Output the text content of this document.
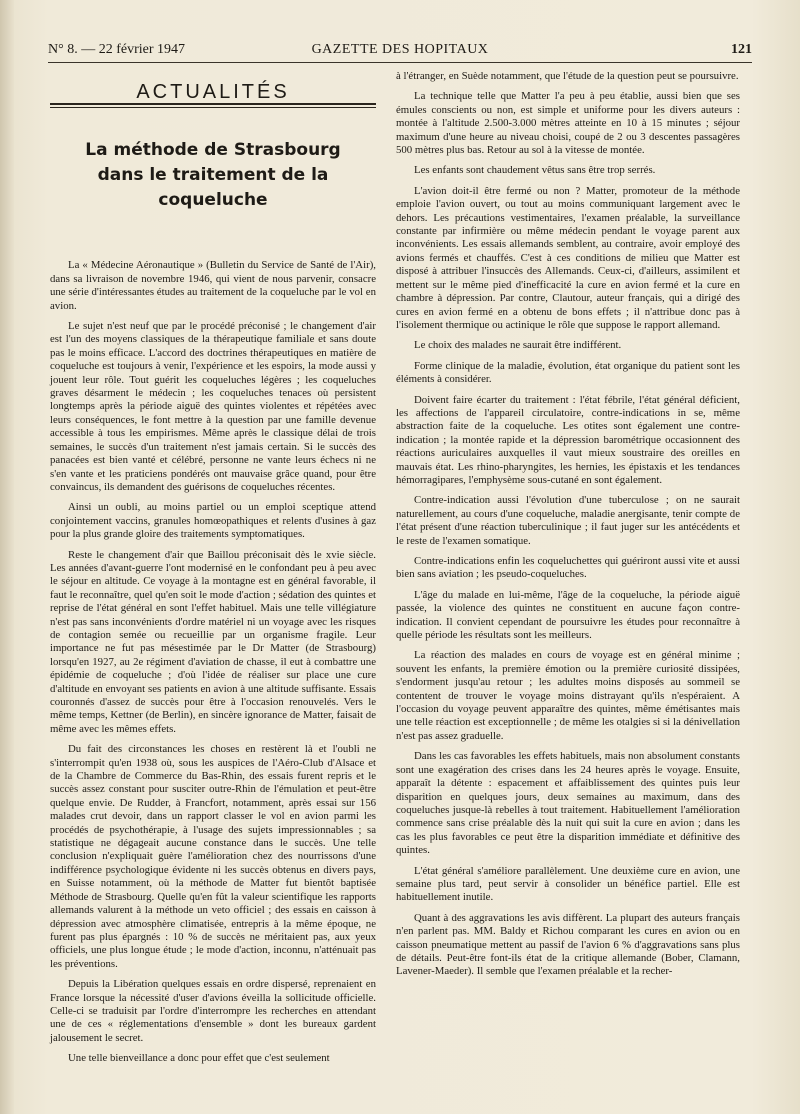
N° 8. — 22 février 1947	GAZETTE DES HOPITAUX	121
ACTUALITÉS
La méthode de Strasbourg
dans le traitement de la coqueluche

La « Médecine Aéronautique » (Bulletin du Service de Santé de l'Air), dans sa livraison de novembre 1946, qui vient de nous parvenir, consacre une série d'intéressantes études au traitement de la coqueluche par le vol en avion.

Le sujet n'est neuf que par le procédé préconisé ; le changement d'air est l'un des moyens classiques de la thérapeutique familiale et sans doute pas le moins efficace. L'accord des doctrines thérapeutiques en matière de coqueluche est toujours à venir, l'expérience et les espoirs, la mode aussi y jouent leur rôle. Tout guérit les coqueluches légères ; les coqueluches graves désarment le médecin ; les coqueluches tenaces où persistent longtemps après la période aiguë des quintes violentes et répétées avec leurs conséquences, le font mettre à la question par une famille devenue accessible à tous les empirismes. Même après le classique délai de trois semaines, le succès d'un traitement n'est jamais certain. Si le succès des panacées est bien vanté et célébré, personne ne vante leurs échecs ni ne s'en vante et les praticiens pondérés ont mauvaise grâce quand, pour être convaincus, ils demandent des guérisons de coqueluches récentes.

Ainsi un oubli, au moins partiel ou un emploi sceptique attend conjointement vaccins, granules homœopathiques et relents d'usines à gaz pour la plus grande gloire des traitements symptomatiques.

Reste le changement d'air que Baillou préconisait dès le xvie siècle. Les années d'avant-guerre l'ont modernisé en le confondant peu à peu avec le séjour en altitude. Ce voyage à la montagne est en général favorable, il faut le reconnaître, quel qu'en soit le mode d'action ; sédation des quintes et reprise de l'état général en sont l'effet habituel. Mais une telle villégiature n'est pas sans inconvénients d'ordre matériel ni un voyage avec les risques de contagion semée ou recueillie par un organisme fragile. Leur importance ne fut pas mésestimée par le Dr Matter (de Strasbourg) lorsqu'en 1927, au 2e régiment d'aviation de chasse, il eut à combattre une épidémie de coqueluche ; d'où l'idée de réaliser sur place une cure d'altitude en envoyant ses patients en avion à une altitude suffisante. Essais couronnés d'assez de succès pour être à l'occasion renouvelés. Vers le même temps, Kettner (de Berlin), en sincère ignorance de Matter, faisait de même avec les mêmes effets.

Du fait des circonstances les choses en restèrent là et l'oubli ne s'interrompit qu'en 1938 où, sous les auspices de l'Aéro-Club d'Alsace et de la Chambre de Commerce du Bas-Rhin, des essais furent repris et le succès assez constant pour susciter outre-Rhin de l'émulation et peut-être quelque envie. De Rudder, à Francfort, notamment, après essai sur 156 malades crut devoir, dans un rapport classer le vol en avion parmi les procédés de psychothérapie, à l'usage des sujets impressionnables ; sa statistique ne dégageait aucune constance dans le succès. Une telle conclusion n'expliquait guère l'amélioration chez des nourrissons d'une indifférence psychologique évidente ni les succès obtenus en divers pays, en Suisse notamment, où la méthode de Matter fut bientôt baptisée Méthode de Strasbourg. Quelle qu'en fût la valeur scientifique les rapports allemands valurent à la méthode un veto officiel ; des essais en caisson à dépression avec atmosphère climatisée, entrepris à la même époque, ne furent pas plus épargnés : 10 % de succès ne méritaient pas, aux yeux officiels, une plus longue étude ; le mode d'action, inconnu, n'atténuait pas les préventions.

Depuis la Libération quelques essais en ordre dispersé, reprenaient en France lorsque la nécessité d'user d'avions éveilla la sollicitude officielle. Celle-ci se traduisit par l'ordre d'interrompre les recherches en attendant une de ces « réglementations d'ensemble » dont les bureaux gardent jalousement le secret.

Une telle bienveillance a donc pour effet que c'est seulement

à l'étranger, en Suède notamment, que l'étude de la question peut se poursuivre.

La technique telle que Matter l'a peu à peu établie, aussi bien que ses émules conscients ou non, est simple et uniforme pour les divers auteurs : montée à l'altitude 2.500-3.000 mètres atteinte en 10 à 15 minutes ; séjour maximum d'une heure au niveau choisi, coupé de 2 ou 3 descentes passagères 500 mètres plus bas. Retour au sol à la vitesse de montée.

Les enfants sont chaudement vêtus sans être trop serrés.

L'avion doit-il être fermé ou non ? Matter, promoteur de la méthode emploie l'avion ouvert, ou tout au moins communiquant largement avec le dehors. Les précautions vestimentaires, l'examen préalable, la surveillance constante par infirmière ou même médecin pendant le voyage parent aux inconvénients. Les essais allemands semblent, au contraire, avoir employé des avions fermés et chauffés. C'est à ces conditions de milieu que Matter est disposé à attribuer l'insuccès des Allemands. Ceux-ci, d'ailleurs, assimilent et mettent sur le même pied d'inefficacité la cure en avion fermé et la cure en chambre à dépression. Par contre, Clautour, auteur français, qui a dirigé des cures en avion fermé en a obtenu de bons effets ; il n'attribue donc pas à l'isolement thermique ou actinique le rôle que suppose le rapport allemand.

Le choix des malades ne saurait être indifférent.

Forme clinique de la maladie, évolution, état organique du patient sont les éléments à considérer.

Doivent faire écarter du traitement : l'état fébrile, l'état général déficient, les affections de l'appareil circulatoire, contre-indications in se, même abstraction faite de la coqueluche. Les otites sont également une contre-indication ; la montée rapide et la dépression barométrique occasionnent des réactions auriculaires auxquelles il vaut mieux soustraire des oreilles en mauvais état. Les rhino-pharyngites, les hernies, les épistaxis et les tendances hémorragipares, l'emphysème sous-cutané en sont également.

Contre-indication aussi l'évolution d'une tuberculose ; on ne saurait naturellement, au cours d'une coqueluche, maladie anergisante, tenir compte de l'état présent d'une réaction tuberculinique ; il faut juger sur les antécédents et le reste de l'examen somatique.

Contre-indications enfin les coqueluchettes qui guériront aussi vite et aussi bien sans aviation ; les pseudo-coqueluches.

L'âge du malade en lui-même, l'âge de la coqueluche, la période aiguë passée, la violence des quintes ne constituent en aucune façon contre-indication. Il convient cependant de poursuivre les études pour reconnaître à quelle période les résultats sont les meilleurs.

La réaction des malades en cours de voyage est en général minime ; souvent les enfants, la première émotion ou la première curiosité dissipées, s'endorment jusqu'au retour ; les adultes moins disposés au sommeil se contentent de trouver le voyage moins distrayant qu'ils n'espéraient. A l'occasion du voyage peuvent apparaître des quintes, même émétisantes mais une telle réaction est exceptionnelle ; de même les otalgies si si la dénivellation n'est pas assez graduelle.

Dans les cas favorables les effets habituels, mais non absolument constants sont une exagération des crises dans les 24 heures après le voyage. Ensuite, apparaît la détente : espacement et affaiblissement des quintes puis leur disparition en quelques jours, deux semaines au maximum, dans des coqueluches jusque-là rebelles à tout traitement. Habituellement l'amélioration commence sans crise préalable dès la nuit qui suit la cure en avion ; dans les cas les plus favorables ce peut être la disparition immédiate et définitive des quintes.

L'état général s'améliore parallèlement. Une deuxième cure en avion, une semaine plus tard, peut servir à consolider un bénéfice partiel. Elle est habituellement inutile.

Quant à des aggravations les avis diffèrent. La plupart des auteurs français n'en parlent pas. MM. Baldy et Richou comparant les cures en avion ou en caisson pneumatique mettent au passif de l'avion 6 % d'aggravations sans plus de détails. Peut-être font-ils état de la critique allemande (Bober, Clamann, Lavener-Maeder). Il semble que l'examen préalable et la recher-
